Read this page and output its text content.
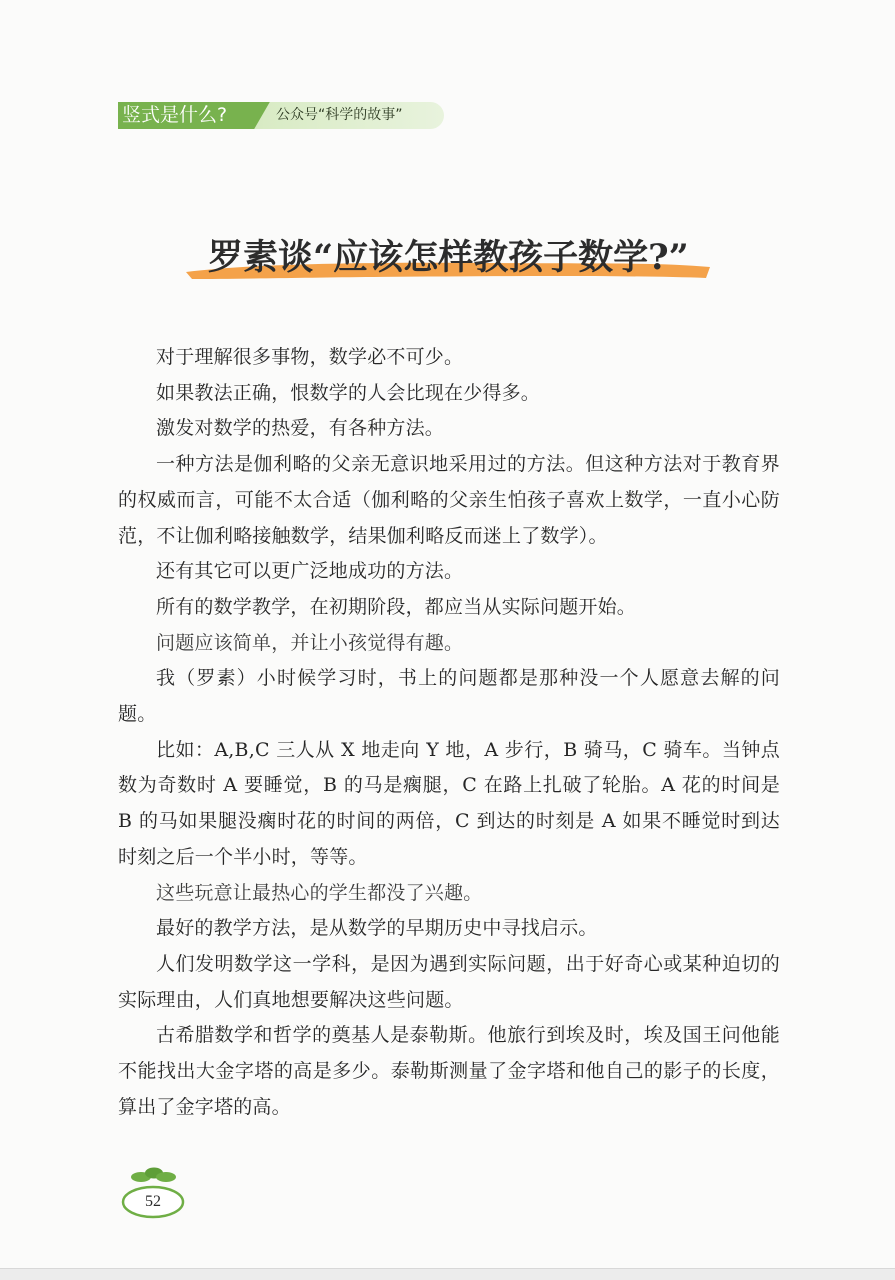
竖式是什么?	公众号“科学的故事”
罗素谈“应该怎样教孩子数学?”

对于理解很多事物，数学必不可少。

如果教法正确，恨数学的人会比现在少得多。

激发对数学的热爱，有各种方法。

一种方法是伽利略的父亲无意识地采用过的方法。但这种方法对于教育界的权威而言，可能不太合适（伽利略的父亲生怕孩子喜欢上数学，一直小心防范，不让伽利略接触数学，结果伽利略反而迷上了数学）。

还有其它可以更广泛地成功的方法。

所有的数学教学，在初期阶段，都应当从实际问题开始。

问题应该简单，并让小孩觉得有趣。

我（罗素）小时候学习时，书上的问题都是那种没一个人愿意去解的问题。

比如：A,B,C 三人从 X 地走向 Y 地，A 步行，B 骑马，C 骑车。当钟点数为奇数时 A 要睡觉，B 的马是瘸腿，C 在路上扎破了轮胎。A 花的时间是 B 的马如果腿没瘸时花的时间的两倍，C 到达的时刻是 A 如果不睡觉时到达时刻之后一个半小时，等等。

这些玩意让最热心的学生都没了兴趣。

最好的教学方法，是从数学的早期历史中寻找启示。

人们发明数学这一学科，是因为遇到实际问题，出于好奇心或某种迫切的实际理由，人们真地想要解决这些问题。

古希腊数学和哲学的奠基人是泰勒斯。他旅行到埃及时，埃及国王问他能不能找出大金字塔的高是多少。泰勒斯测量了金字塔和他自己的影子的长度，算出了金字塔的高。

52
